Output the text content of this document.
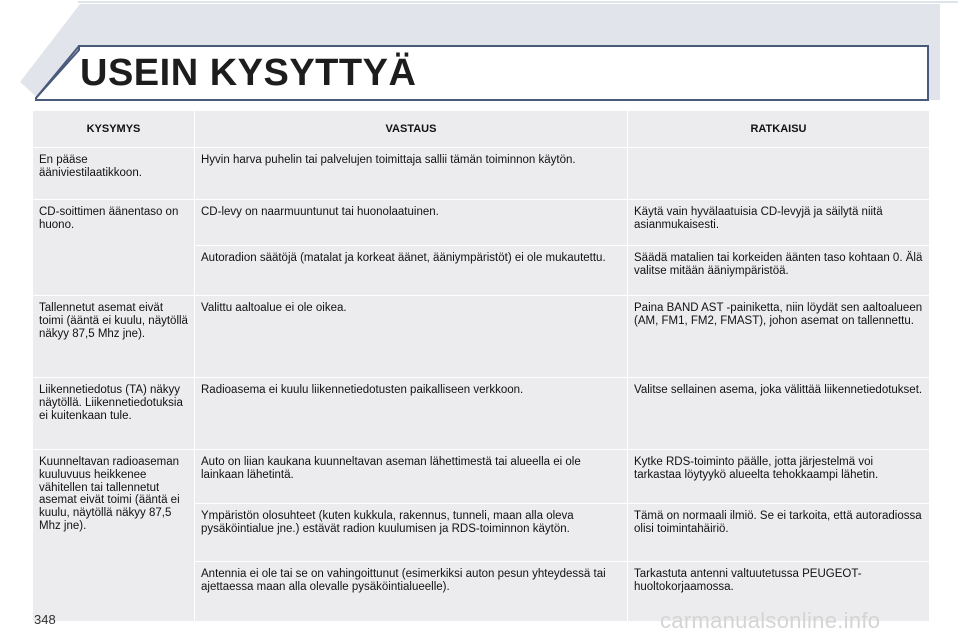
USEIN KYSYTTYÄ
KYSYMYS	VASTAUS	RATKAISU
En pääse ääniviestilaatikkoon.	Hyvin harva puhelin tai palvelujen toimittaja sallii tämän toiminnon käytön.	
CD-soittimen äänentaso on huono.	CD-levy on naarmuuntunut tai huonolaatuinen.	Käytä vain hyvälaatuisia CD-levyjä ja säilytä niitä asianmukaisesti.
	Autoradion säätöjä (matalat ja korkeat äänet, ääniympäristöt) ei ole mukautettu.	Säädä matalien tai korkeiden äänten taso kohtaan 0. Älä valitse mitään ääniympäristöä.
Tallennetut asemat eivät toimi (ääntä ei kuulu, näytöllä näkyy 87,5 Mhz jne).	Valittu aaltoalue ei ole oikea.	Paina BAND AST -painiketta, niin löydät sen aaltoalueen (AM, FM1, FM2, FMAST), johon asemat on tallennettu.
Liikennetiedotus (TA) näkyy näytöllä. Liikennetiedotuksia ei kuitenkaan tule.	Radioasema ei kuulu liikennetiedotusten paikalliseen verkkoon.	Valitse sellainen asema, joka välittää liikennetiedotukset.
Kuunneltavan radioaseman kuuluvuus heikkenee vähitellen tai tallennetut asemat eivät toimi (ääntä ei kuulu, näytöllä näkyy 87,5 Mhz jne).	Auto on liian kaukana kuunneltavan aseman lähettimestä tai alueella ei ole lainkaan lähetintä.	Kytke RDS-toiminto päälle, jotta järjestelmä voi tarkastaa löytyykö alueelta tehokkaampi lähetin.
	Ympäristön olosuhteet (kuten kukkula, rakennus, tunneli, maan alla oleva pysäköintialue jne.) estävät radion kuulumisen ja RDS-toiminnon käytön.	Tämä on normaali ilmiö. Se ei tarkoita, että autoradiossa olisi toimintahäiriö.
	Antennia ei ole tai se on vahingoittunut (esimerkiksi auton pesun yhteydessä tai ajettaessa maan alla olevalle pysäköintialueelle).	Tarkastuta antenni valtuutetussa PEUGEOT-huoltokorjaamossa.
348	carmanualsonline.info
